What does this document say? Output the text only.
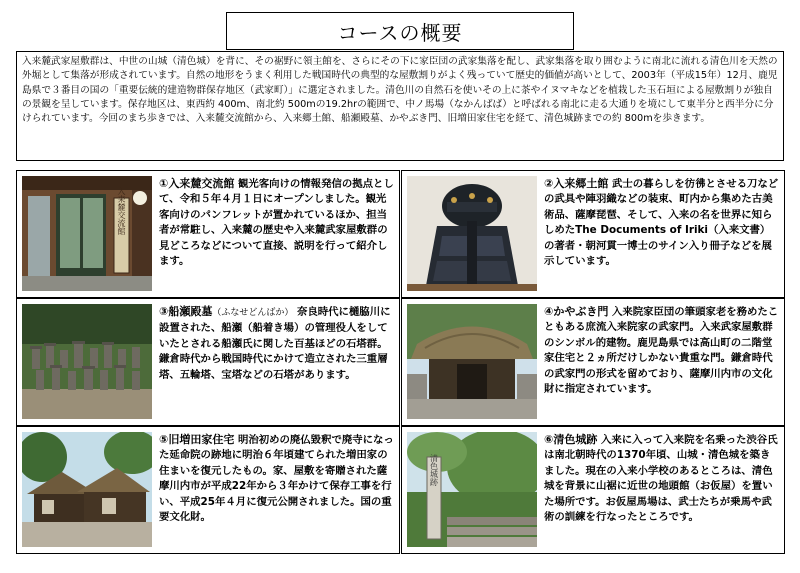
コースの概要
入来麓武家屋敷群は、中世の山城（清色城）を背に、その裾野に領主館を、さらにその下に家臣団の武家集落を配し、武家集落を取り囲むように南北に流れる清色川を天然の外堀として集落が形成されています。自然の地形をうまく利用した戦国時代の典型的な屋敷割りがよく残っていて歴史的価値が高いとして、2003年（平成15年）12月、鹿児島県で３番目の国の「重要伝統的建造物群保存地区（武家町）」に選定されました。清色川の自然石を使いその上に茶やイヌマキなどを植栽した玉石垣による屋敷割りが独自の景観を呈しています。保存地区は、東西約 400m、南北約 500mの19.2hrの範囲で、中ノ馬場（なかんばば）と呼ばれる南北に走る大通りを境にして東半分と西半分に分けられています。今回のまち歩きでは、入来麓交流館から、入来郷土館、船瀬殿墓、かやぶき門、旧増田家住宅を経て、清色城跡までの約 800mを歩きます。
入来麓交流館
①入来麓交流館 観光客向けの情報発信の拠点として、令和５年４月１日にオープンしました。観光客向けのパンフレットが置かれているほか、担当者が常駐し、入来麓の歴史や入来麓武家屋敷群の見どころなどについて直接、説明を行って紹介します。
②入来郷土館 武士の暮らしを彷彿とさせる刀などの武具や陣羽織などの装束、町内から集めた古美術品、薩摩琵琶、そして、入来の名を世界に知らしめたThe Documents of Iriki（入来文書）の著者・朝河貫一博士のサイン入り冊子などを展示しています。
③船瀬殿墓（ふなせどんばか） 奈良時代に樋脇川に設置された、船瀬（船着き場）の管理役人をしていたとされる船瀬氏に関した百基ほどの石塔群。鎌倉時代から戦国時代にかけて造立された三重層塔、五輪塔、宝塔などの石塔があります。
④かやぶき門 入来院家臣団の筆頭家老を務めたこともある庶流入来院家の武家門。入来武家屋敷群のシンボル的建物。鹿児島県では高山町の二階堂家住宅と２ヵ所だけしかない貴重な門。鎌倉時代の武家門の形式を留めており、薩摩川内市の文化財に指定されています。
⑤旧増田家住宅 明治初めの廃仏毀釈で廃寺になった延命院の跡地に明治６年頃建てられた増田家の住まいを復元したもの。家、屋敷を寄贈された薩摩川内市が平成22年から３年かけて保存工事を行い、平成25年４月に復元公開されました。国の重要文化財。
清色城跡
⑥清色城跡 入来に入って入来院を名乗った渋谷氏は南北朝時代の1370年頃、山城・清色城を築きました。現在の入来小学校のあるところは、清色城を背景に山裾に近世の地頭館（お仮屋）を置いた場所です。お仮屋馬場は、武士たちが乗馬や武術の訓練を行なったところです。
